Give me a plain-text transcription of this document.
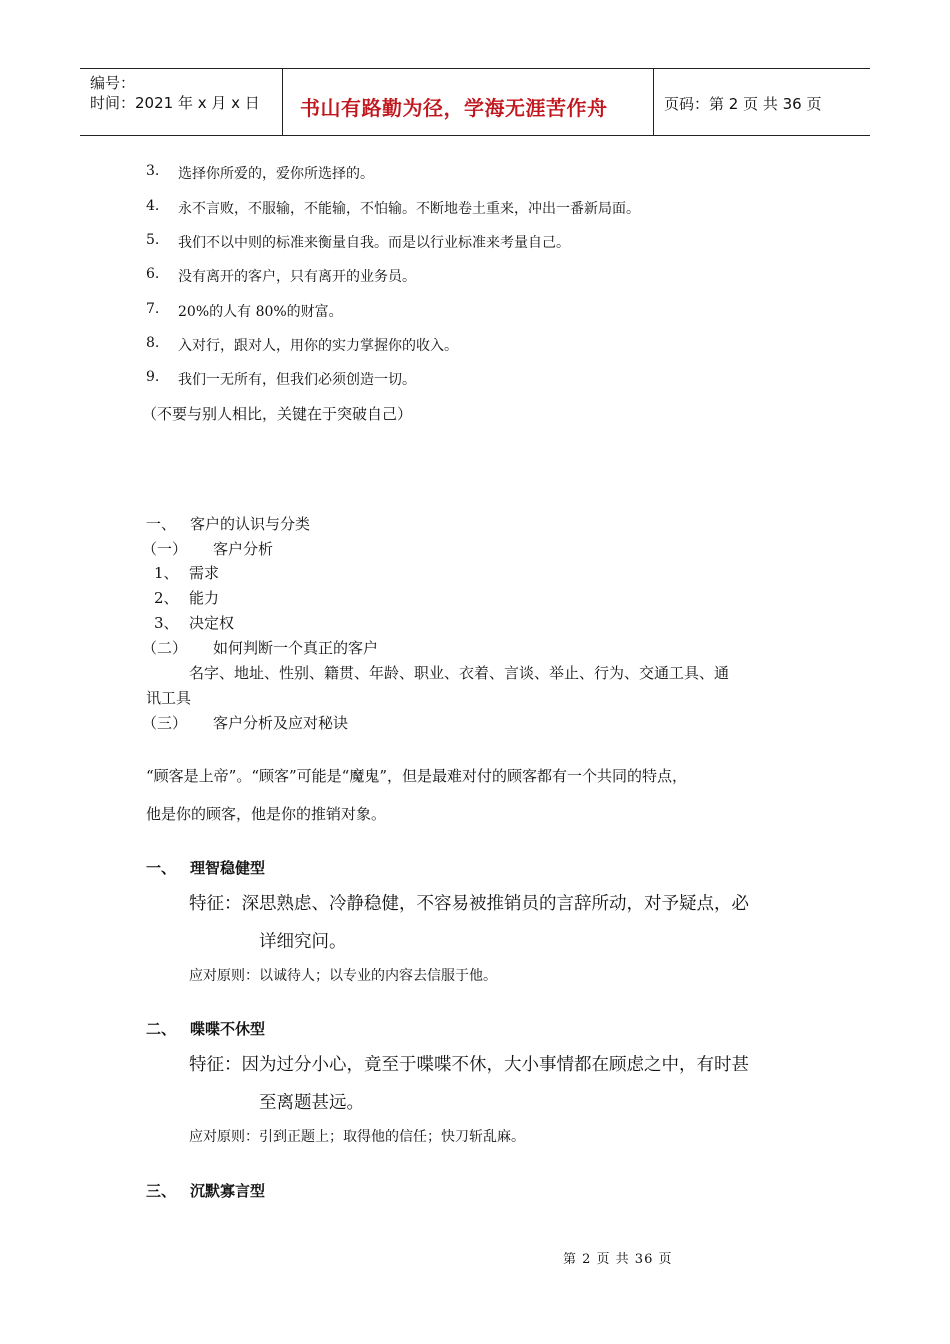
编号：
时间：2021 年 x 月 x 日 书山有路勤为径，学海无涯苦作舟	页码：第 2 页 共 36 页
3. 选择你所爱的，爱你所选择的。
4. 永不言败，不服输，不能输，不怕输。不断地卷土重来，冲出一番新局面。
5. 我们不以中则的标准来衡量自我。而是以行业标准来考量自己。
6. 没有离开的客户，只有离开的业务员。
7. 20%的人有 80%的财富。
8. 入对行，跟对人，用你的实力掌握你的收入。
9. 我们一无所有，但我们必须创造一切。
（不要与别人相比，关键在于突破自己）
一、 客户的认识与分类
（一） 客户分析
1、 需求
2、 能力
3、 决定权
（二） 如何判断一个真正的客户
名字、地址、性别、籍贯、年龄、职业、衣着、言谈、举止、行为、交通工具、通
讯工具
（三） 客户分析及应对秘诀
“顾客是上帝”。“顾客”可能是“魔鬼”，但是最难对付的顾客都有一个共同的特点，
他是你的顾客，他是你的推销对象。
一、 理智稳健型
特征：深思熟虑、冷静稳健，不容易被推销员的言辞所动，对予疑点，必
详细究问。
应对原则：以诚待人；以专业的内容去信服于他。
二、 喋喋不休型
特征：因为过分小心，竟至于喋喋不休，大小事情都在顾虑之中，有时甚
至离题甚远。
应对原则：引到正题上；取得他的信任；快刀斩乱麻。
三、 沉默寡言型
第 2 页 共 36 页
